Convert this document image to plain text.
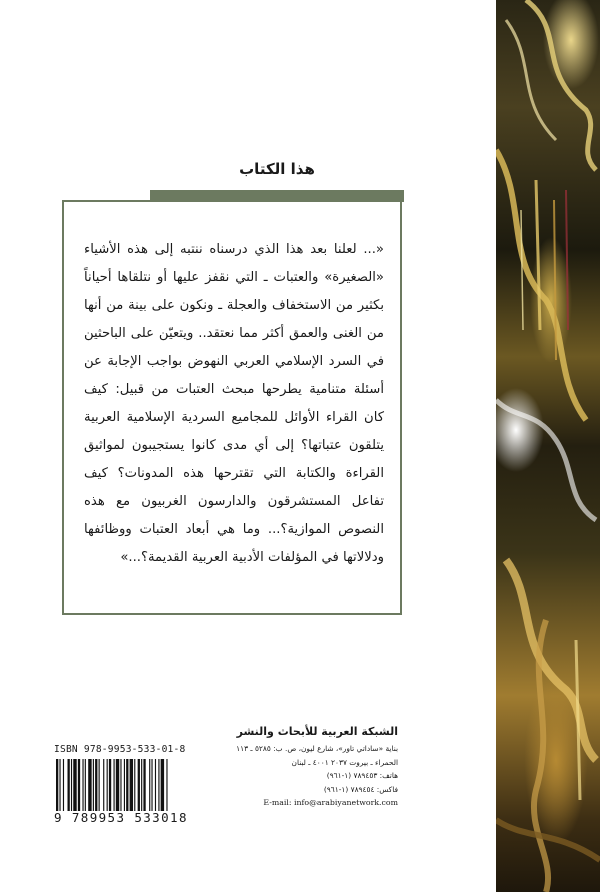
هذا الكتاب

«... لعلنا بعد هذا الذي درسناه ننتبه إلى هذه الأشياء «الصغيرة» والعتبات ـ التي نقفز عليها أو نتلقاها أحياناً بكثير من الاستخفاف والعجلة ـ ونكون على بينة من أنها من الغنى والعمق أكثر مما نعتقد.. ويتعيّن على الباحثين في السرد الإسلامي العربي النهوض بواجب الإجابة عن أسئلة متنامية يطرحها مبحث العتبات من قبيل: كيف كان القراء الأوائل للمجاميع السردية الإسلامية العربية يتلقون عتباتها؟ إلى أي مدى كانوا يستجيبون لمواثيق القراءة والكتابة التي تقترحها هذه المدونات؟ كيف تفاعل المستشرقون والدارسون الغربيون مع هذه النصوص الموازية؟... وما هي أبعاد العتبات ووظائفها ودلالاتها في المؤلفات الأدبية العربية القديمة؟...»

ISBN 978-9953-533-01-8
9 789953 533018
الشبكة العربية للأبحاث والنشر
بناية «ساداتي تاور»، شارع ليون، ص. ب: ٥٢٨٥ ـ ١١٣
الحمراء ـ بيروت ٢٠٣٧ ٤٠٠١ ـ لبنان
هاتف: ٧٨٩٤٥٣ (١-٩٦١)
فاكس: ٧٨٩٤٥٤ (١-٩٦١)
E-mail: info@arabiyanetwork.com
